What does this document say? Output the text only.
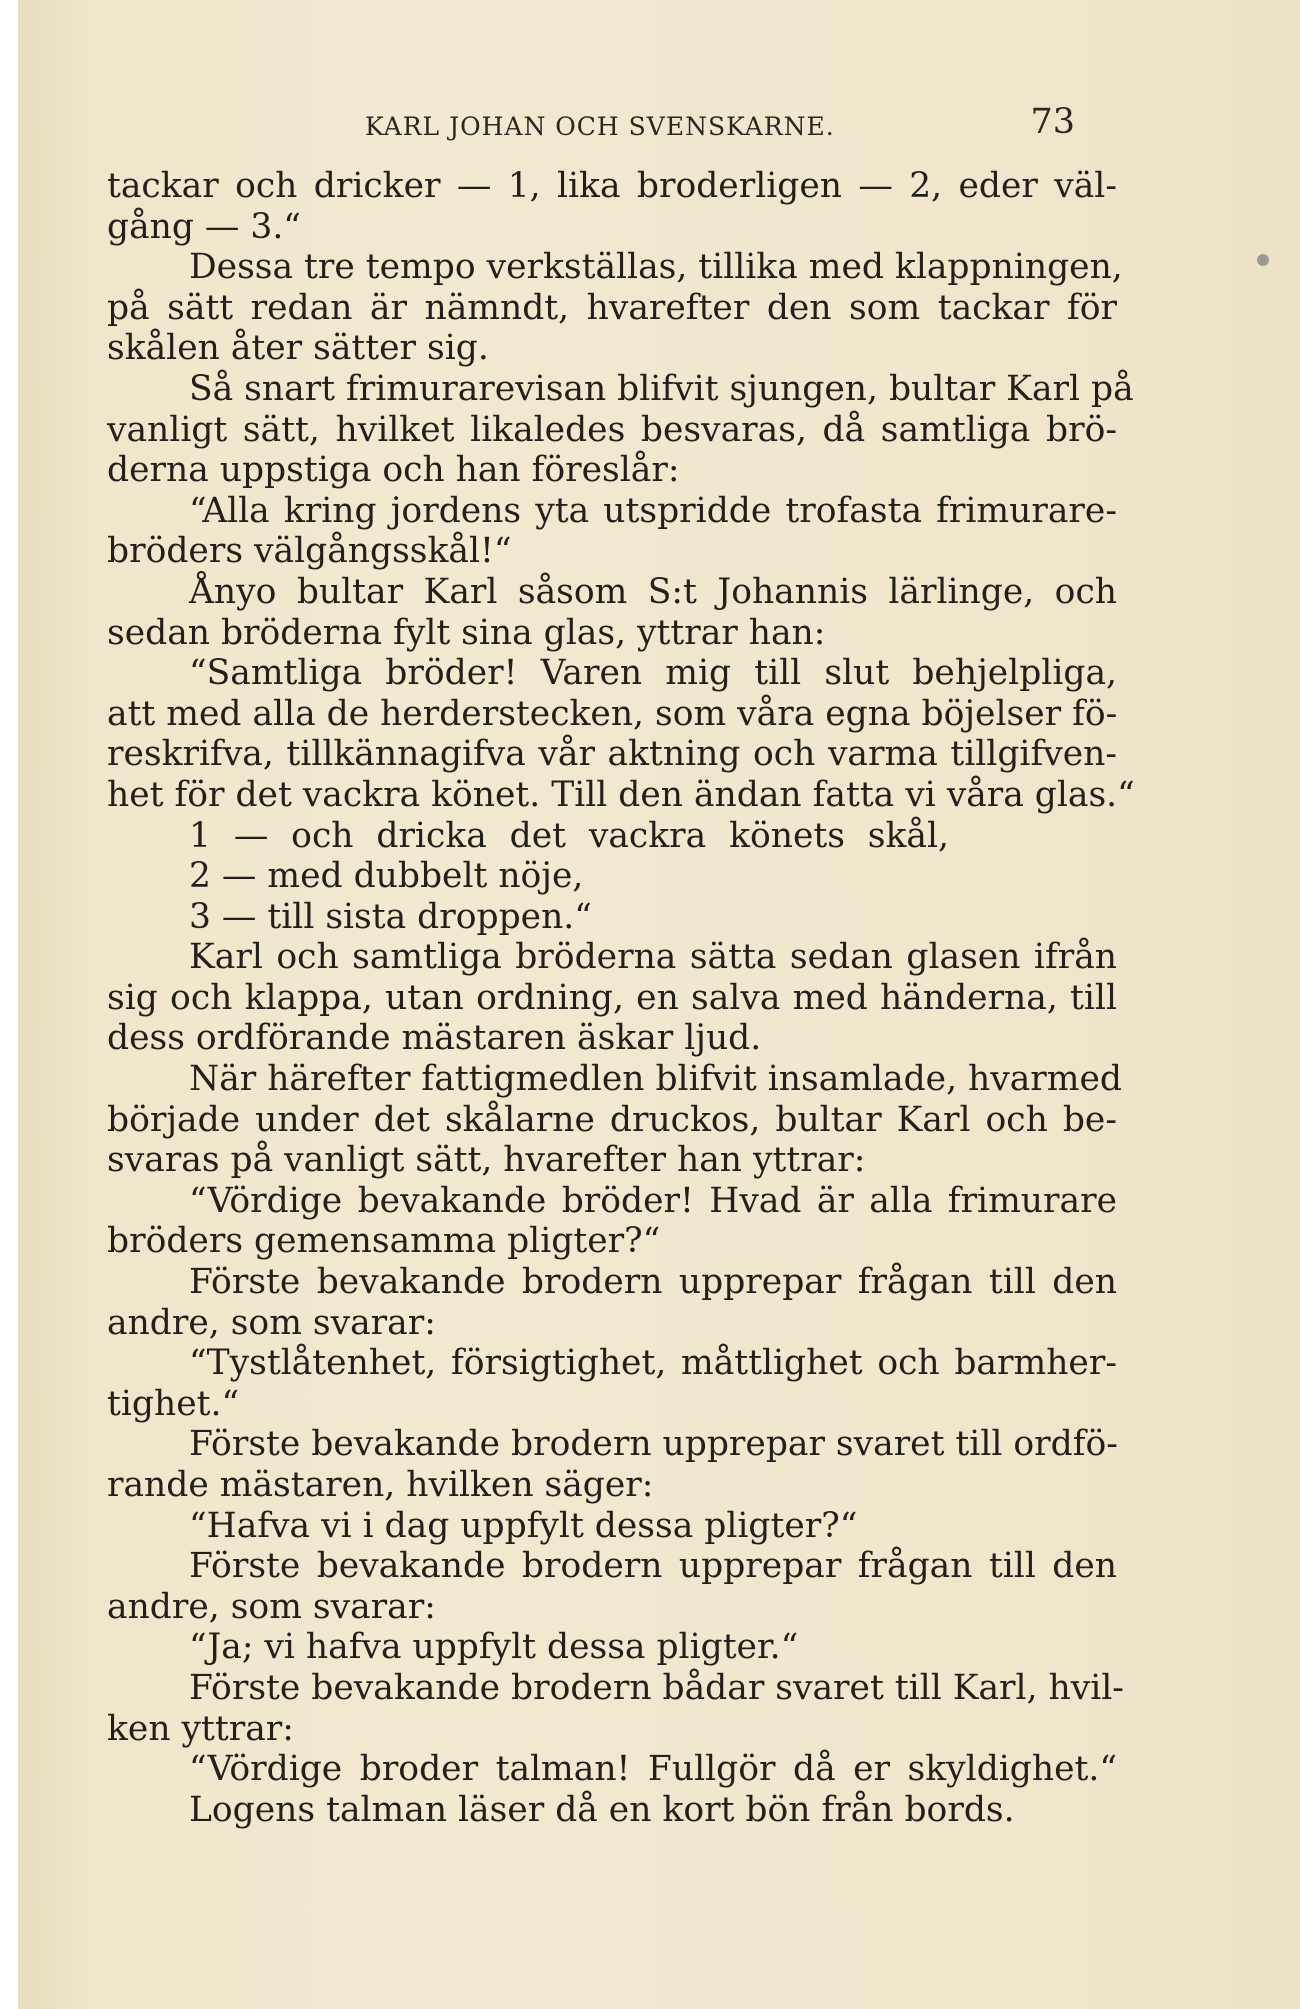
KARL JOHAN OCH SVENSKARNE.	73
tackar och dricker — 1, lika broderligen — 2, eder väl-
gång — 3.“
Dessa tre tempo verkställas, tillika med klappningen,
på sätt redan är nämndt, hvarefter den som tackar för
skålen åter sätter sig.
Så snart frimurarevisan blifvit sjungen, bultar Karl på
vanligt sätt, hvilket likaledes besvaras, då samtliga brö-
derna uppstiga och han föreslår:
“Alla kring jordens yta utspridde trofasta frimurare-
bröders välgångsskål!“
Ånyo bultar Karl såsom S:t Johannis lärlinge, och
sedan bröderna fylt sina glas, yttrar han:
“Samtliga bröder! Varen mig till slut behjelpliga,
att med alla de herderstecken, som våra egna böjelser fö-
reskrifva, tillkännagifva vår aktning och varma tillgifven-
het för det vackra könet. Till den ändan fatta vi våra glas.“
1 — och dricka det vackra könets skål,
2 — med dubbelt nöje,
3 — till sista droppen.“
Karl och samtliga bröderna sätta sedan glasen ifrån
sig och klappa, utan ordning, en salva med händerna, till
dess ordförande mästaren äskar ljud.
När härefter fattigmedlen blifvit insamlade, hvarmed
började under det skålarne druckos, bultar Karl och be-
svaras på vanligt sätt, hvarefter han yttrar:
“Vördige bevakande bröder! Hvad är alla frimurare
bröders gemensamma pligter?“
Förste bevakande brodern upprepar frågan till den
andre, som svarar:
“Tystlåtenhet, försigtighet, måttlighet och barmher-
tighet.“
Förste bevakande brodern upprepar svaret till ordfö-
rande mästaren, hvilken säger:
“Hafva vi i dag uppfylt dessa pligter?“
Förste bevakande brodern upprepar frågan till den
andre, som svarar:
“Ja; vi hafva uppfylt dessa pligter.“
Förste bevakande brodern bådar svaret till Karl, hvil-
ken yttrar:
“Vördige broder talman! Fullgör då er skyldighet.“
Logens talman läser då en kort bön från bords.
